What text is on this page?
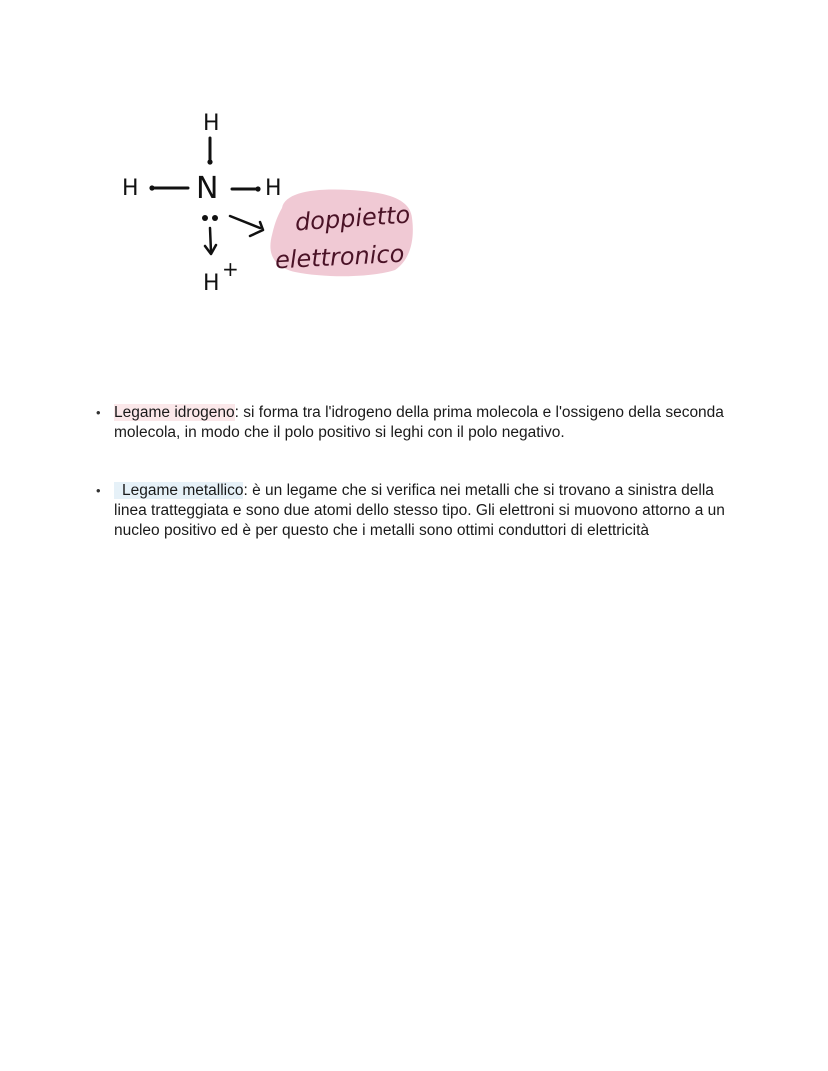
H
H N H
H
+
doppietto
elettronico
• Legame idrogeno: si forma tra l'idrogeno della prima molecola e l'ossigeno della seconda molecola, in modo che il polo positivo si leghi con il polo negativo.
• Legame metallico: è un legame che si verifica nei metalli che si trovano a sinistra della linea tratteggiata e sono due atomi dello stesso tipo. Gli elettroni si muovono attorno a un nucleo positivo ed è per questo che i metalli sono ottimi conduttori di elettricità
